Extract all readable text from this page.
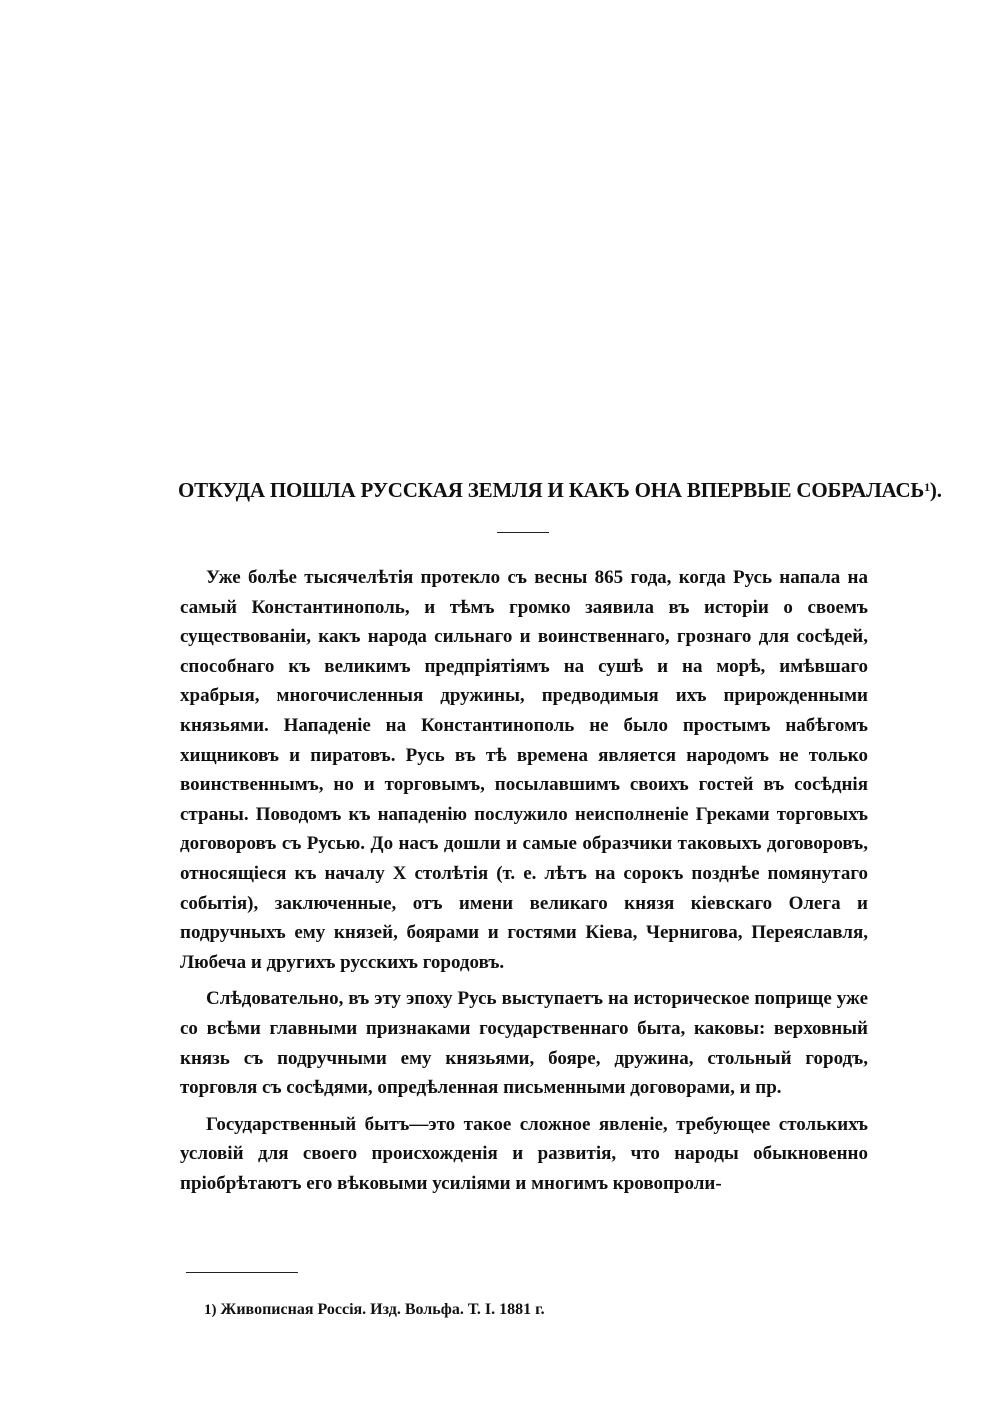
ОТКУДА ПОШЛА РУССКАЯ ЗЕМЛЯ И КАКЪ ОНА ВПЕРВЫЕ СОБРАЛАСЬ$^1$).

Уже болѣе тысячелѣтія протекло съ весны 865 года, когда Русь напала на самый Константинополь, и тѣмъ громко заявила въ исторіи о своемъ существованіи, какъ народа сильнаго и воинственнаго, грознаго для сосѣдей, способнаго къ великимъ предпріятіямъ на сушѣ и на морѣ, имѣвшаго храбрыя, многочисленныя дружины, предводимыя ихъ прирожденными князьями. Нападеніе на Константинополь не было простымъ набѣгомъ хищниковъ и пиратовъ. Русь въ тѣ времена является народомъ не только воинственнымъ, но и торговымъ, посылавшимъ своихъ гостей въ сосѣднія страны. Поводомъ къ нападенію послужило неисполненіе Греками торговыхъ договоровъ съ Русью. До насъ дошли и самые образчики таковыхъ договоровъ, относящіеся къ началу X столѣтія (т. е. лѣтъ на сорокъ позднѣе помянутаго событія), заключенные, отъ имени великаго князя кіевскаго Олега и подручныхъ ему князей, боярами и гостями Кіева, Чернигова, Переяславля, Любеча и другихъ русскихъ городовъ.

Слѣдовательно, въ эту эпоху Русь выступаетъ на историческое поприще уже со всѣми главными признаками государственнаго быта, каковы: верховный князь съ подручными ему князьями, бояре, дружина, стольный городъ, торговля съ сосѣдями, опредѣленная письменными договорами, и пр.

Государственный бытъ—это такое сложное явленіе, требующее столькихъ условій для своего происхожденія и развитія, что народы обыкновенно пріобрѣтаютъ его вѣковыми усиліями и многимъ кровопроли-

1) Живописная Россія. Изд. Вольфа. Т. I. 1881 г.
